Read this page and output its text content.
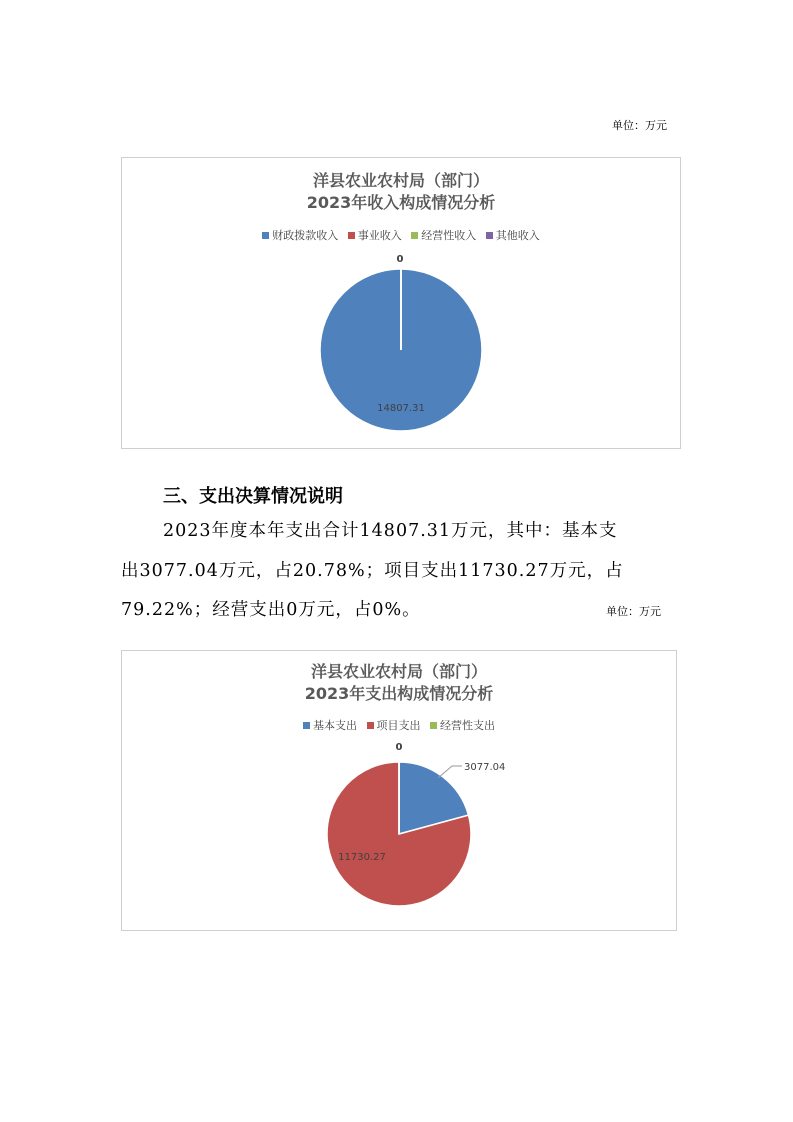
单位：万元
洋县农业农村局（部门）
2023年收入构成情况分析
财政拨款收入 事业收入 经营性收入 其他收入
0
14807.31
三、支出决算情况说明
2023年度本年支出合计14807.31万元，其中：基本支
出3077.04万元，占20.78%；项目支出11730.27万元，占
79.22%；经营支出0万元，占0%。	单位：万元
洋县农业农村局（部门）
2023年支出构成情况分析
基本支出 项目支出 经营性支出
0
3077.04
11730.27
